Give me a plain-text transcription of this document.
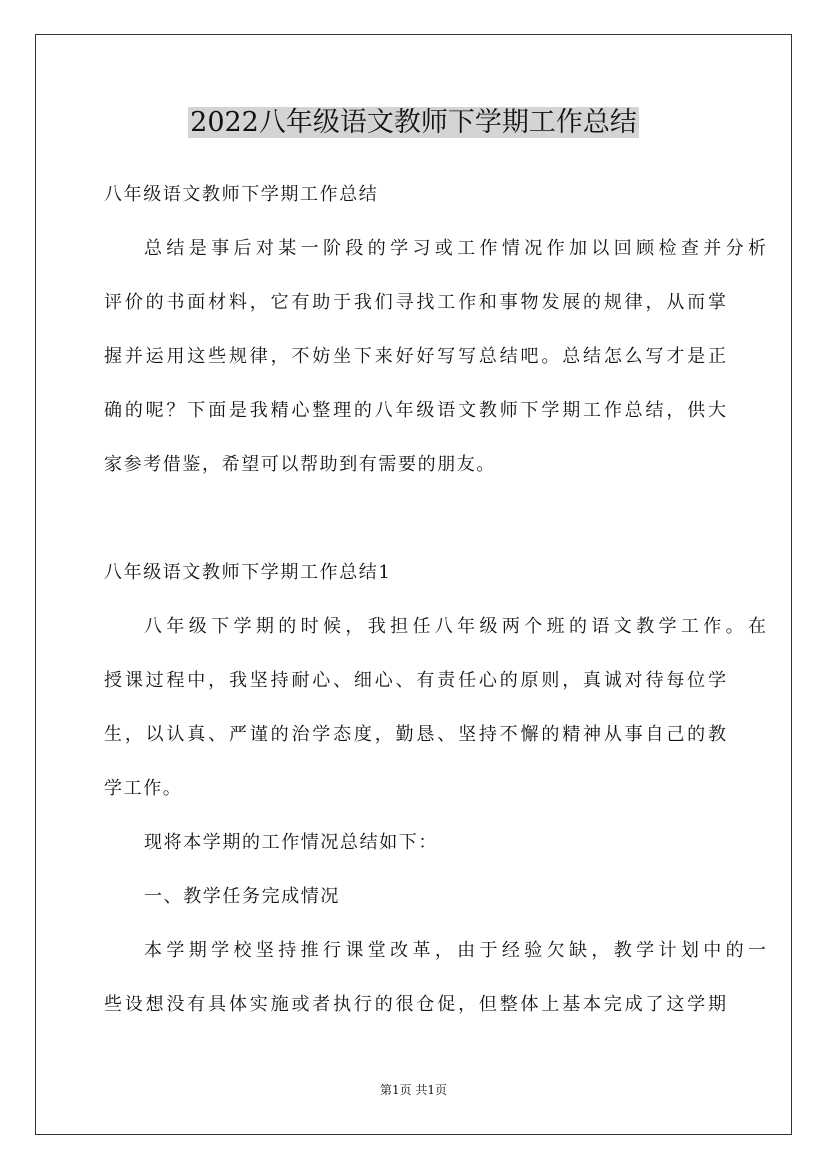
2022八年级语文教师下学期工作总结
八年级语文教师下学期工作总结
总结是事后对某一阶段的学习或工作情况作加以回顾检查并分析
评价的书面材料，它有助于我们寻找工作和事物发展的规律，从而掌
握并运用这些规律，不妨坐下来好好写写总结吧。总结怎么写才是正
确的呢？下面是我精心整理的八年级语文教师下学期工作总结，供大
家参考借鉴，希望可以帮助到有需要的朋友。
八年级语文教师下学期工作总结1
八年级下学期的时候，我担任八年级两个班的语文教学工作。在
授课过程中，我坚持耐心、细心、有责任心的原则，真诚对待每位学
生，以认真、严谨的治学态度，勤恳、坚持不懈的精神从事自己的教
学工作。
现将本学期的工作情况总结如下：
一、教学任务完成情况
本学期学校坚持推行课堂改革，由于经验欠缺，教学计划中的一
些设想没有具体实施或者执行的很仓促，但整体上基本完成了这学期
第1页 共1页
